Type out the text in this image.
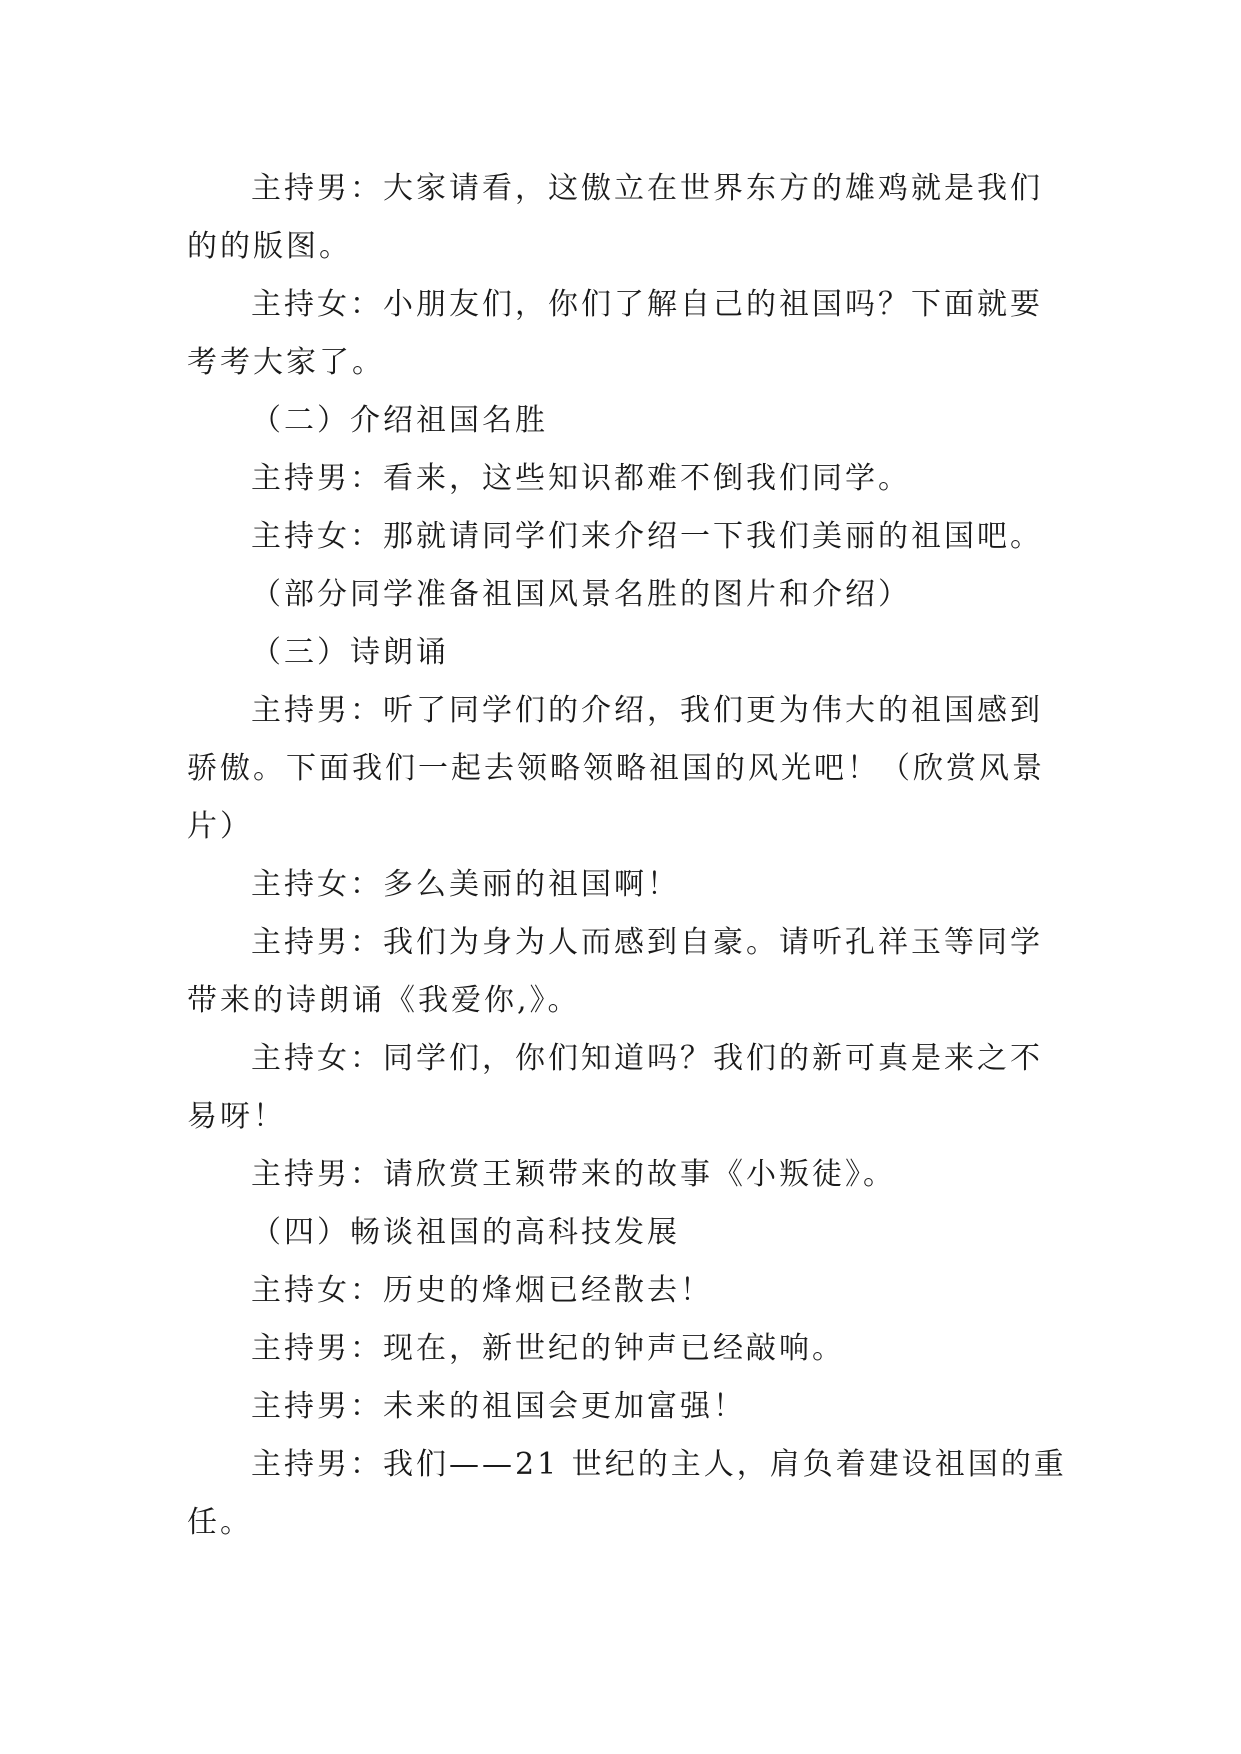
主持男：大家请看，这傲立在世界东方的雄鸡就是我们的的版图。

主持女：小朋友们，你们了解自己的祖国吗？下面就要考考大家了。

（二）介绍祖国名胜

主持男：看来，这些知识都难不倒我们同学。

主持女：那就请同学们来介绍一下我们美丽的祖国吧。

（部分同学准备祖国风景名胜的图片和介绍）

（三）诗朗诵

主持男：听了同学们的介绍，我们更为伟大的祖国感到骄傲。下面我们一起去领略领略祖国的风光吧！（欣赏风景片）

主持女：多么美丽的祖国啊！

主持男：我们为身为人而感到自豪。请听孔祥玉等同学带来的诗朗诵《我爱你,》。

主持女：同学们，你们知道吗？我们的新可真是来之不易呀！

主持男：请欣赏王颖带来的故事《小叛徒》。

（四）畅谈祖国的高科技发展

主持女：历史的烽烟已经散去！

主持男：现在，新世纪的钟声已经敲响。

主持男：未来的祖国会更加富强！

主持男：我们——21 世纪的主人，肩负着建设祖国的重任。
